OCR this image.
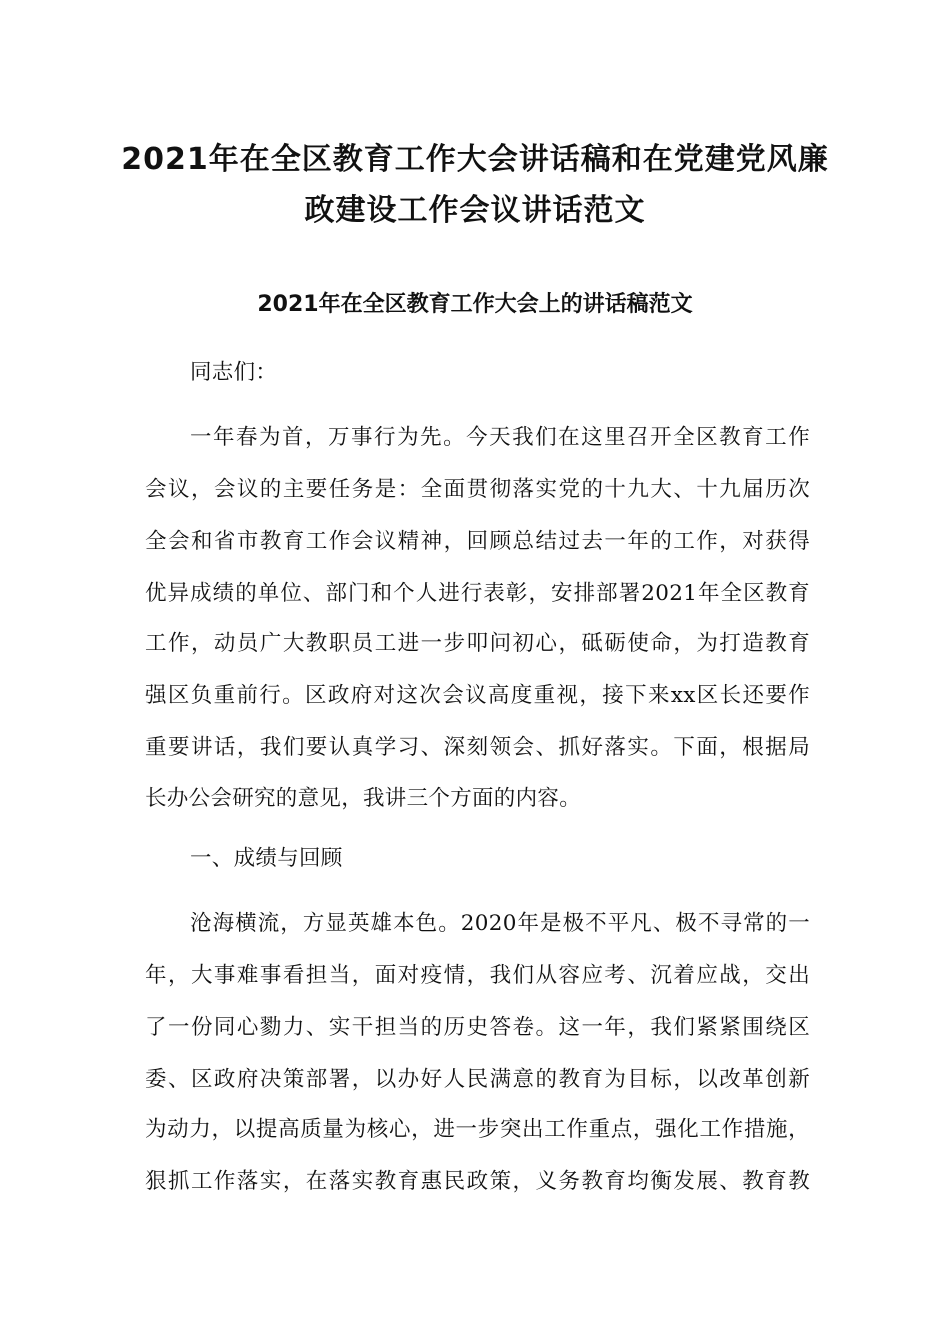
2021年在全区教育工作大会讲话稿和在党建党风廉
政建设工作会议讲话范文
2021年在全区教育工作大会上的讲话稿范文
同志们：
一年春为首，万事行为先。今天我们在这里召开全区教育工作
会议，会议的主要任务是：全面贯彻落实党的十九大、十九届历次
全会和省市教育工作会议精神，回顾总结过去一年的工作，对获得
优异成绩的单位、部门和个人进行表彰，安排部署2021年全区教育
工作，动员广大教职员工进一步叩问初心，砥砺使命，为打造教育
强区负重前行。区政府对这次会议高度重视，接下来xx区长还要作
重要讲话，我们要认真学习、深刻领会、抓好落实。下面，根据局
长办公会研究的意见，我讲三个方面的内容。
一、成绩与回顾
沧海横流，方显英雄本色。2020年是极不平凡、极不寻常的一
年，大事难事看担当，面对疫情，我们从容应考、沉着应战，交出
了一份同心勠力、实干担当的历史答卷。这一年，我们紧紧围绕区
委、区政府决策部署，以办好人民满意的教育为目标，以改革创新
为动力，以提高质量为核心，进一步突出工作重点，强化工作措施，
狠抓工作落实，在落实教育惠民政策，义务教育均衡发展、教育教
